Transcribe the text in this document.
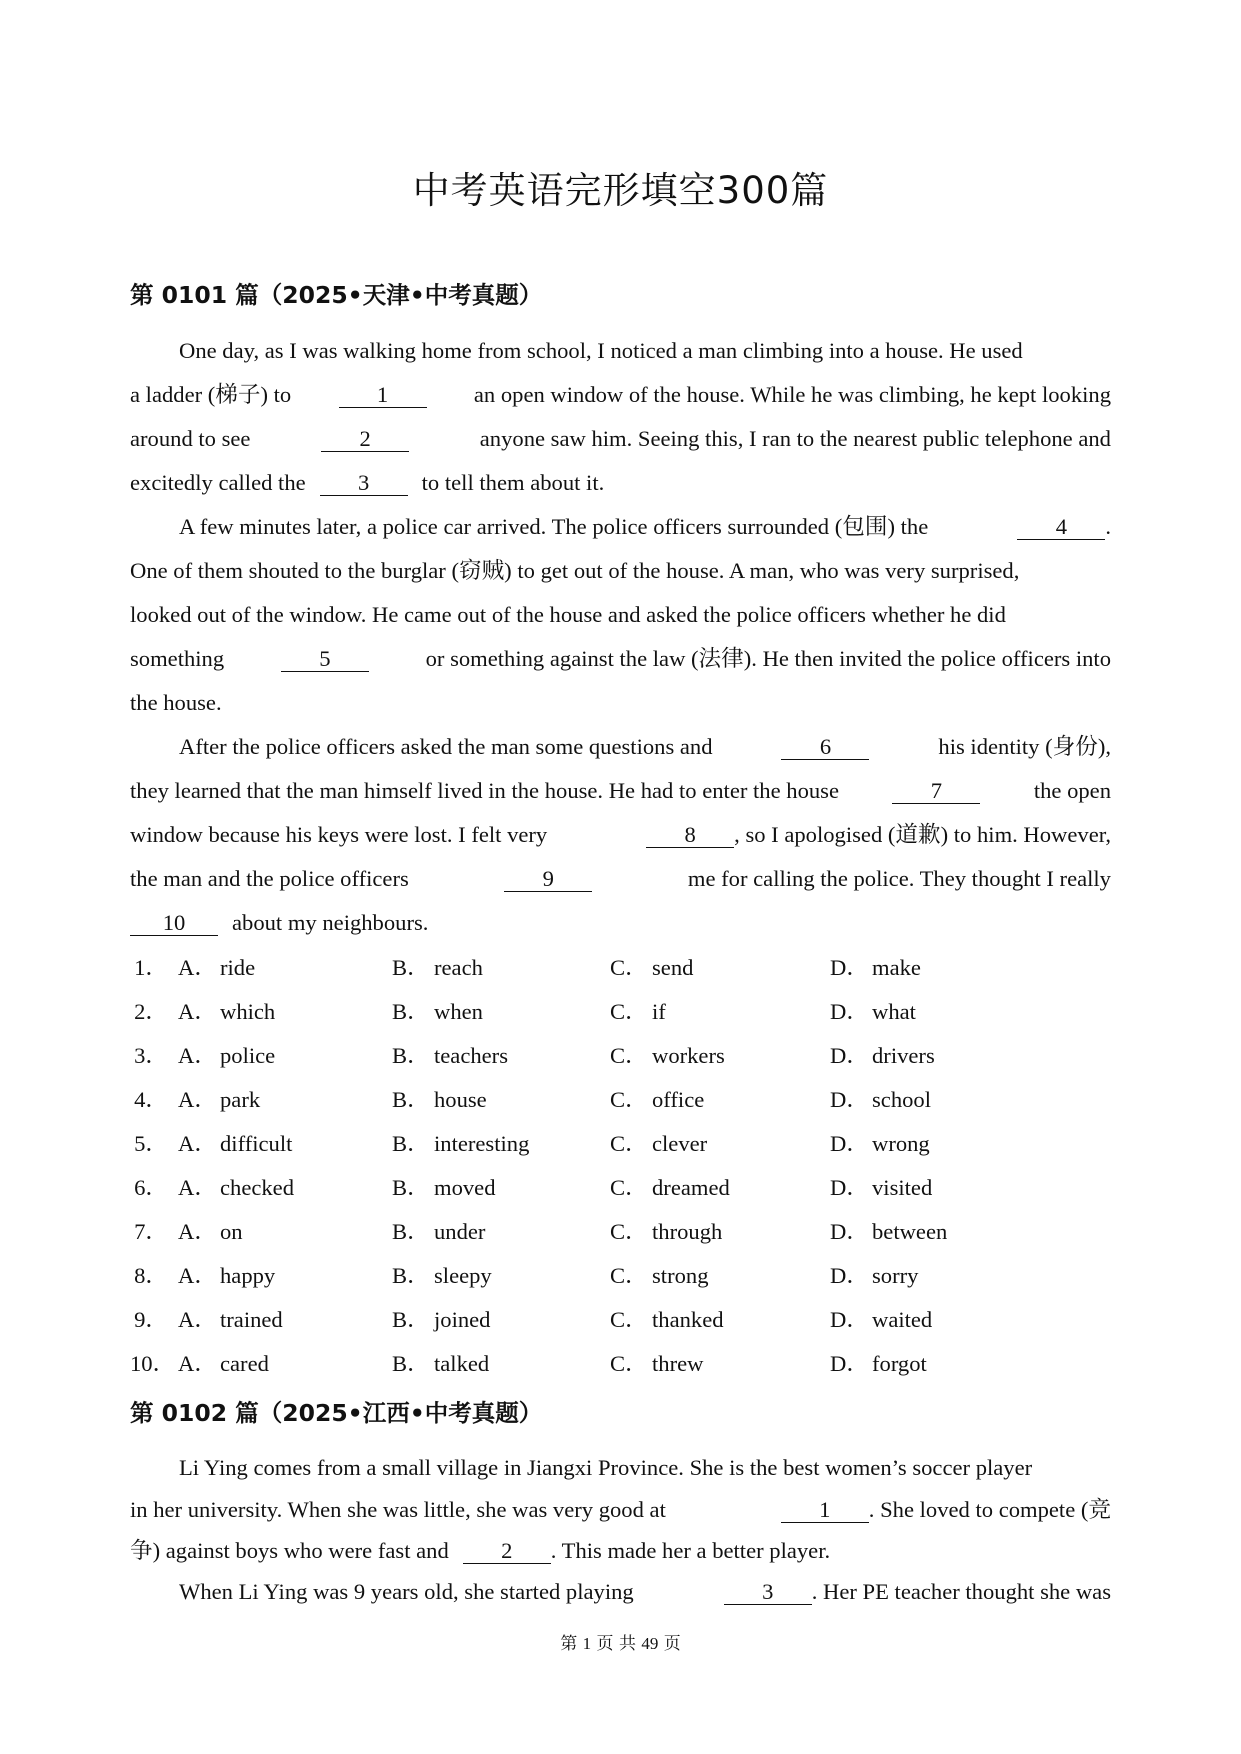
中考英语完形填空300篇
第 0101 篇（2025•天津•中考真题）
One day, as I was walking home from school, I noticed a man climbing into a house. He used
a ladder (梯子) to	1	an open window of the house. While he was climbing, he kept looking
around to see	2	anyone saw him. Seeing this, I ran to the nearest public telephone and
excitedly called the 3 to tell them about it.
A few minutes later, a police car arrived. The police officers surrounded (包围) the	4 .
One of them shouted to the burglar (窃贼) to get out of the house. A man, who was very surprised,
looked out of the window. He came out of the house and asked the police officers whether he did
something	5	or something against the law (法律). He then invited the police officers into
the house.
After the police officers asked the man some questions and	6	his identity (身份),
they learned that the man himself lived in the house. He had to enter the house	7	the open
window because his keys were lost. I felt very	8 , so I apologised (道歉) to him. However,
the man and the police officers	9	me for calling the police. They thought I really
10 about my neighbours.
1． A． ride	B． reach	C． send	D． make
2． A． which	B． when	C． if	D． what
3． A． police	B． teachers	C． workers	D． drivers
4． A． park	B． house	C． office	D． school
5． A． difficult	B． interesting	C． clever	D． wrong
6． A． checked	B． moved	C． dreamed	D． visited
7． A． on	B． under	C． through	D． between
8． A． happy	B． sleepy	C． strong	D． sorry
9． A． trained	B． joined	C． thanked	D． waited
10． A． cared	B． talked	C． threw	D． forgot
第 0102 篇（2025•江西•中考真题）
Li Ying comes from a small village in Jiangxi Province. She is the best women’s soccer player
in her university. When she was little, she was very good at	1 . She loved to compete (竞
争) against boys who were fast and 2 . This made her a better player.
When Li Ying was 9 years old, she started playing	3 . Her PE teacher thought she was
第 1 页 共 49 页
